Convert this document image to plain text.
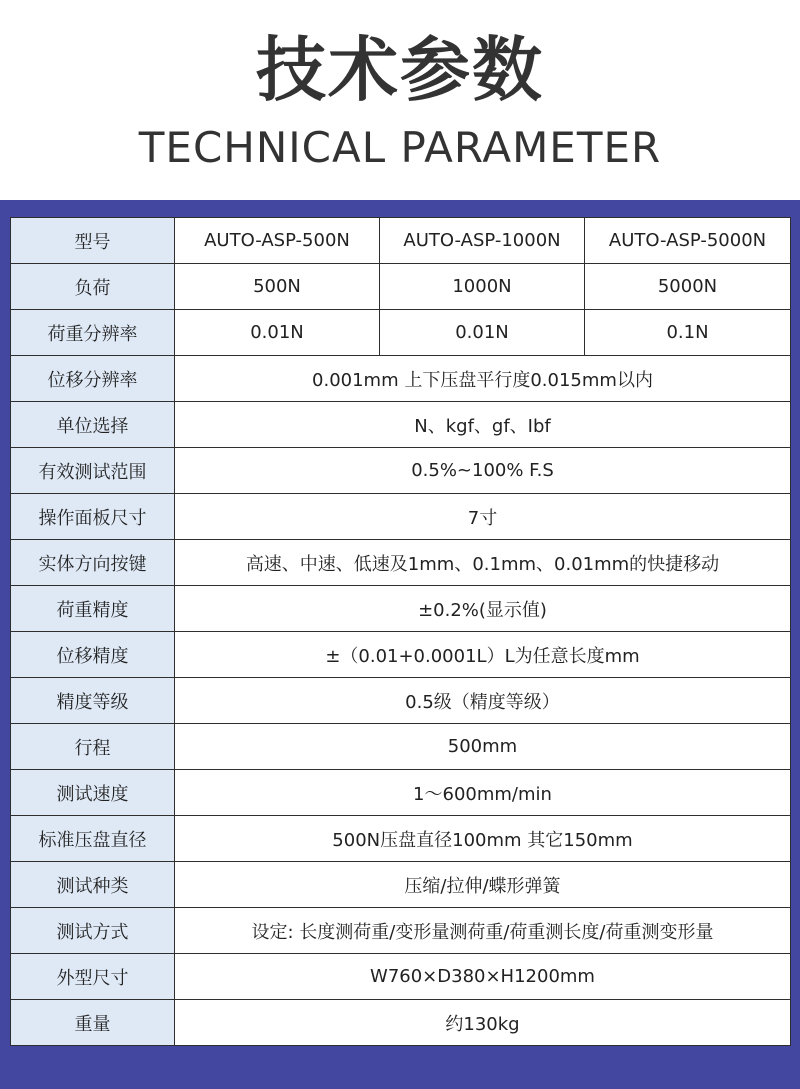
技术参数
TECHNICAL PARAMETER
型号	AUTO-ASP-500N	AUTO-ASP-1000N	AUTO-ASP-5000N
负荷	500N	1000N	5000N
荷重分辨率	0.01N	0.01N	0.1N
位移分辨率	0.001mm 上下压盘平行度0.015mm以内		
单位选择	N、kgf、gf、Ibf		
有效测试范围	0.5%~100% F.S		
操作面板尺寸	7寸		
实体方向按键	高速、中速、低速及1mm、0.1mm、0.01mm的快捷移动		
荷重精度	±0.2%(显示值)		
位移精度	±（0.01+0.0001L）L为任意长度mm		
精度等级	0.5级（精度等级）		
行程	500mm		
测试速度	1～600mm/min		
标准压盘直径	500N压盘直径100mm 其它150mm		
测试种类	压缩/拉伸/蝶形弹簧		
测试方式	设定: 长度测荷重/变形量测荷重/荷重测长度/荷重测变形量		
外型尺寸	W760×D380×H1200mm		
重量	约130kg		
